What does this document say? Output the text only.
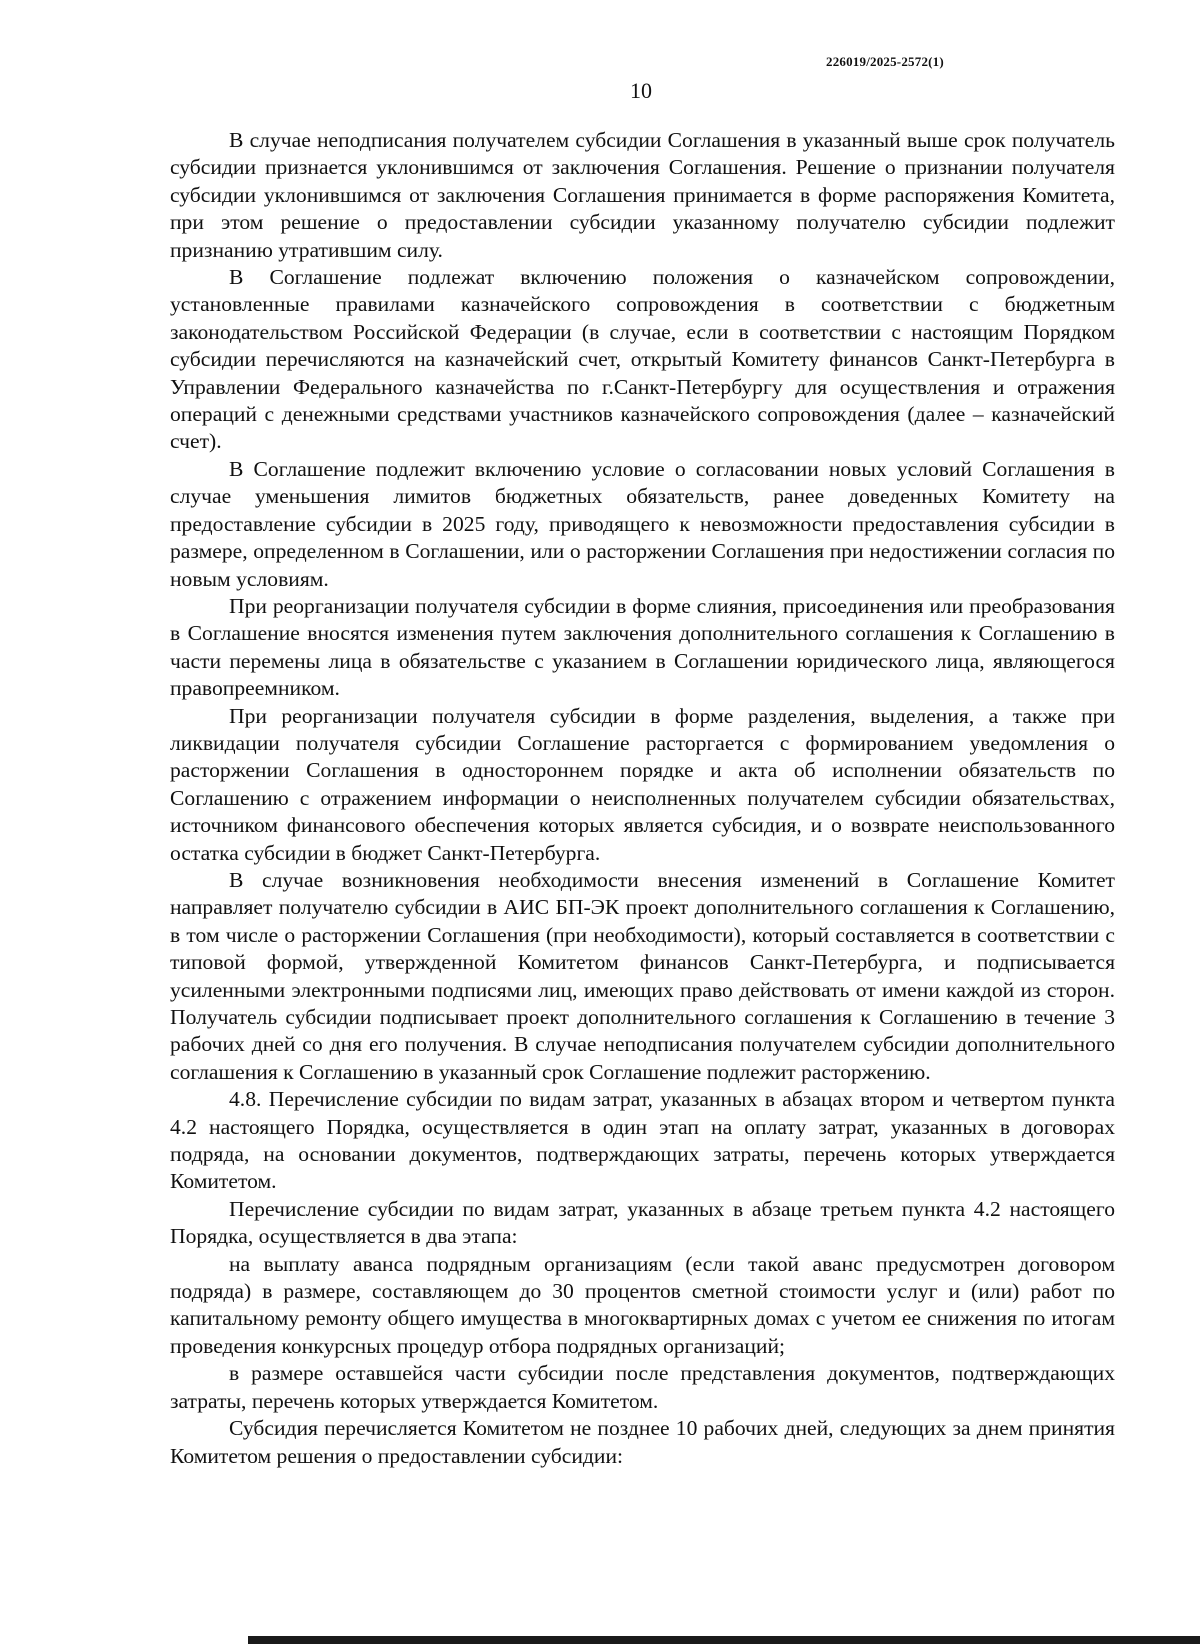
226019/2025-2572(1)
10

В случае неподписания получателем субсидии Соглашения в указанный выше срок получатель субсидии признается уклонившимся от заключения Соглашения. Решение о признании получателя субсидии уклонившимся от заключения Соглашения принимается в форме распоряжения Комитета, при этом решение о предоставлении субсидии указанному получателю субсидии подлежит признанию утратившим силу.

В Соглашение подлежат включению положения о казначейском сопровождении, установленные правилами казначейского сопровождения в соответствии с бюджетным законодательством Российской Федерации (в случае, если в соответствии с настоящим Порядком субсидии перечисляются на казначейский счет, открытый Комитету финансов Санкт-Петербурга в Управлении Федерального казначейства по г.Санкт-Петербургу для осуществления и отражения операций с денежными средствами участников казначейского сопровождения (далее – казначейский счет).

В Соглашение подлежит включению условие о согласовании новых условий Соглашения в случае уменьшения лимитов бюджетных обязательств, ранее доведенных Комитету на предоставление субсидии в 2025 году, приводящего к невозможности предоставления субсидии в размере, определенном в Соглашении, или о расторжении Соглашения при недостижении согласия по новым условиям.

При реорганизации получателя субсидии в форме слияния, присоединения или преобразования в Соглашение вносятся изменения путем заключения дополнительного соглашения к Соглашению в части перемены лица в обязательстве с указанием в Соглашении юридического лица, являющегося правопреемником.

При реорганизации получателя субсидии в форме разделения, выделения, а также при ликвидации получателя субсидии Соглашение расторгается с формированием уведомления о расторжении Соглашения в одностороннем порядке и акта об исполнении обязательств по Соглашению с отражением информации о неисполненных получателем субсидии обязательствах, источником финансового обеспечения которых является субсидия, и о возврате неиспользованного остатка субсидии в бюджет Санкт-Петербурга.

В случае возникновения необходимости внесения изменений в Соглашение Комитет направляет получателю субсидии в АИС БП-ЭК проект дополнительного соглашения к Соглашению, в том числе о расторжении Соглашения (при необходимости), который составляется в соответствии с типовой формой, утвержденной Комитетом финансов Санкт-Петербурга, и подписывается усиленными электронными подписями лиц, имеющих право действовать от имени каждой из сторон. Получатель субсидии подписывает проект дополнительного соглашения к Соглашению в течение 3 рабочих дней со дня его получения. В случае неподписания получателем субсидии дополнительного соглашения к Соглашению в указанный срок Соглашение подлежит расторжению.

4.8. Перечисление субсидии по видам затрат, указанных в абзацах втором и четвертом пункта 4.2 настоящего Порядка, осуществляется в один этап на оплату затрат, указанных в договорах подряда, на основании документов, подтверждающих затраты, перечень которых утверждается Комитетом.

Перечисление субсидии по видам затрат, указанных в абзаце третьем пункта 4.2 настоящего Порядка, осуществляется в два этапа:

на выплату аванса подрядным организациям (если такой аванс предусмотрен договором подряда) в размере, составляющем до 30 процентов сметной стоимости услуг и (или) работ по капитальному ремонту общего имущества в многоквартирных домах с учетом ее снижения по итогам проведения конкурсных процедур отбора подрядных организаций;

в размере оставшейся части субсидии после представления документов, подтверждающих затраты, перечень которых утверждается Комитетом.

Субсидия перечисляется Комитетом не позднее 10 рабочих дней, следующих за днем принятия Комитетом решения о предоставлении субсидии:
